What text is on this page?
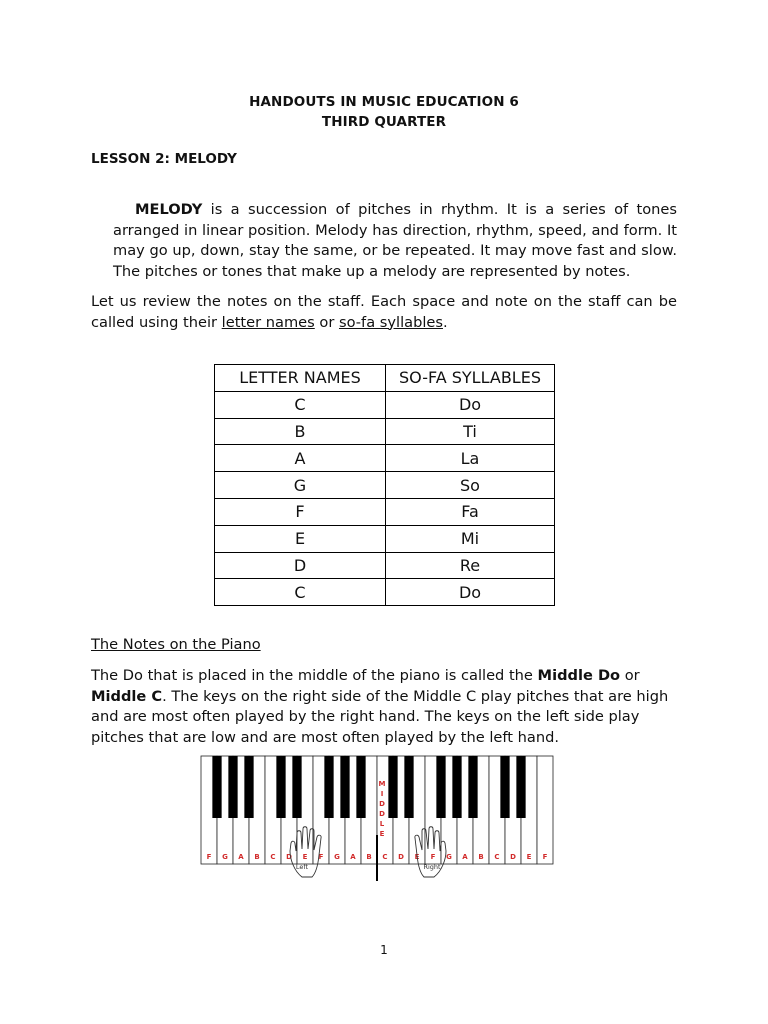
HANDOUTS IN MUSIC EDUCATION 6
THIRD QUARTER
LESSON 2: MELODY
MELODY is a succession of pitches in rhythm. It is a series of tones arranged in linear position. Melody has direction, rhythm, speed, and form. It may go up, down, stay the same, or be repeated. It may move fast and slow. The pitches or tones that make up a melody are represented by notes.
Let us review the notes on the staff. Each space and note on the staff can be called using their letter names or so-fa syllables.
LETTER NAMES	SO-FA SYLLABLES
C	Do
B	Ti
A	La
G	So
F	Fa
E	Mi
D	Re
C	Do
The Notes on the Piano
The Do that is placed in the middle of the piano is called the Middle Do or Middle C. The keys on the right side of the Middle C play pitches that are high and are most often played by the right hand. The keys on the left side play pitches that are low and are most often played by the left hand.
F G A B C D E F G A B C D E F G A B C D E F
M
I
D
D
L
E
Left	Right
1
